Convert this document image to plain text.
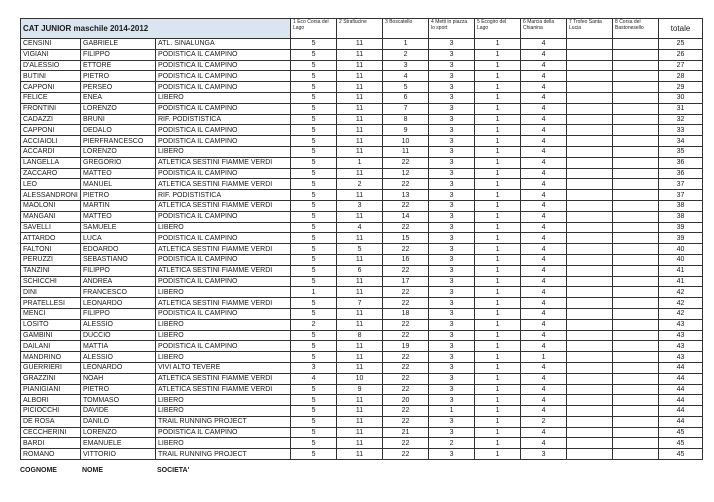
CAT JUNIOR maschile 2014-2012			1 Eco Corsa del Lago	2 Strafiucine	3 Boscatello	4 Metti in piazza lo sport	5 Ecogiro del Lago	6 Marcia della Chianina	7 Trofeo Santa Lucia	8 Corsa del Bastonesello	totale
CENSINI	GABRIELE	ATL. SINALUNGA	5	11	1	3	1	4			25
VIGIANI	FILIPPO	PODISTICA IL CAMPINO	5	11	2	3	1	4			26
D'ALESSIO	ETTORE	PODISTICA IL CAMPINO	5	11	3	3	1	4			27
BUTINI	PIETRO	PODISTICA IL CAMPINO	5	11	4	3	1	4			28
CAPPONI	PERSEO	PODISTICA IL CAMPINO	5	11	5	3	1	4			29
FELICE	ENEA	LIBERO	5	11	6	3	1	4			30
FRONTINI	LORENZO	PODISTICA IL CAMPINO	5	11	7	3	1	4			31
CADAZZI	BRUNI	RIF. PODISTISTICA	5	11	8	3	1	4			32
CAPPONI	DEDALO	PODISTICA IL CAMPINO	5	11	9	3	1	4			33
ACCIAIOLI	PIERFRANCESCO	PODISTICA IL CAMPINO	5	11	10	3	1	4			34
ACCARDI	LORENZO	LIBERO	5	11	11	3	1	4			35
LANGELLA	GREGORIO	ATLETICA SESTINI FIAMME VERDI	5	1	22	3	1	4			36
ZACCARO	MATTEO	PODISTICA IL CAMPINO	5	11	12	3	1	4			36
LEO	MANUEL	ATLETICA SESTINI FIAMME VERDI	5	2	22	3	1	4			37
ALESSANDRONI	PIETRO	RIF. PODISTISTICA	5	11	13	3	1	4			37
MAOLONI	MARTIN	ATLETICA SESTINI FIAMME VERDI	5	3	22	3	1	4			38
MANGANI	MATTEO	PODISTICA IL CAMPINO	5	11	14	3	1	4			38
SAVELLI	SAMUELE	LIBERO	5	4	22	3	1	4			39
ATTARDO	LUCA	PODISTICA IL CAMPINO	5	11	15	3	1	4			39
FALTONI	EDOARDO	ATLETICA SESTINI FIAMME VERDI	5	5	22	3	1	4			40
PERUZZI	SEBASTIANO	PODISTICA IL CAMPINO	5	11	16	3	1	4			40
TANZINI	FILIPPO	ATLETICA SESTINI FIAMME VERDI	5	6	22	3	1	4			41
SCHICCHI	ANDREA	PODISTICA IL CAMPINO	5	11	17	3	1	4			41
DINI	FRANCESCO	LIBERO	1	11	22	3	1	4			42
PRATELLESI	LEONARDO	ATLETICA SESTINI FIAMME VERDI	5	7	22	3	1	4			42
MENCI	FILIPPO	PODISTICA IL CAMPINO	5	11	18	3	1	4			42
LOSITO	ALESSIO	LIBERO	2	11	22	3	1	4			43
GAMBINI	DUCCIO	LIBERO	5	8	22	3	1	4			43
DAILANI	MATTIA	PODISTICA IL CAMPINO	5	11	19	3	1	4			43
MANDRINO	ALESSIO	LIBERO	5	11	22	3	1	1			43
GUERRIERI	LEONARDO	VIVI ALTO TEVERE	3	11	22	3	1	4			44
GRAZZINI	NOAH	ATLETICA SESTINI FIAMME VERDI	4	10	22	3	1	4			44
PIANIGIANI	PIETRO	ATLETICA SESTINI FIAMME VERDI	5	9	22	3	1	4			44
ALBORI	TOMMASO	LIBERO	5	11	20	3	1	4			44
PICIOCCHI	DAVIDE	LIBERO	5	11	22	1	1	4			44
DE ROSA	DANILO	TRAIL RUNNING PROJECT	5	11	22	3	1	2			44
CECCHERINI	LORENZO	PODISTICA IL CAMPINO	5	11	21	3	1	4			45
BARDI	EMANUELE	LIBERO	5	11	22	2	1	4			45
ROMANO	VITTORIO	TRAIL RUNNING PROJECT	5	11	22	3	1	3			45
COGNOME	NOME	SOCIETA'
